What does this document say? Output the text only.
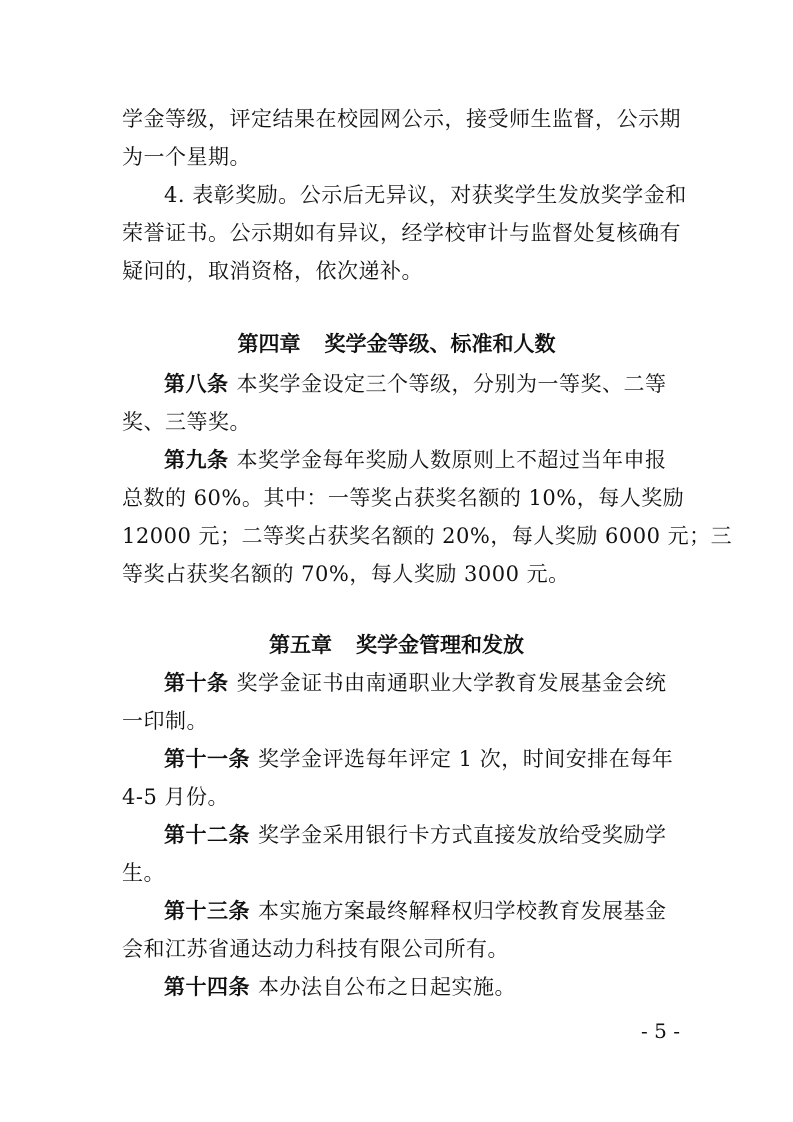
学金等级，评定结果在校园网公示，接受师生监督，公示期
为一个星期。
4. 表彰奖励。公示后无异议，对获奖学生发放奖学金和
荣誉证书。公示期如有异议，经学校审计与监督处复核确有
疑问的，取消资格，依次递补。
第四章 奖学金等级、标准和人数
第八条 本奖学金设定三个等级，分别为一等奖、二等
奖、三等奖。
第九条 本奖学金每年奖励人数原则上不超过当年申报
总数的 60%。其中：一等奖占获奖名额的 10%，每人奖励
12000 元；二等奖占获奖名额的 20%，每人奖励 6000 元；三
等奖占获奖名额的 70%，每人奖励 3000 元。
第五章 奖学金管理和发放
第十条 奖学金证书由南通职业大学教育发展基金会统
一印制。
第十一条 奖学金评选每年评定 1 次，时间安排在每年
4-5 月份。
第十二条 奖学金采用银行卡方式直接发放给受奖励学
生。
第十三条 本实施方案最终解释权归学校教育发展基金
会和江苏省通达动力科技有限公司所有。
第十四条 本办法自公布之日起实施。
- 5 -
